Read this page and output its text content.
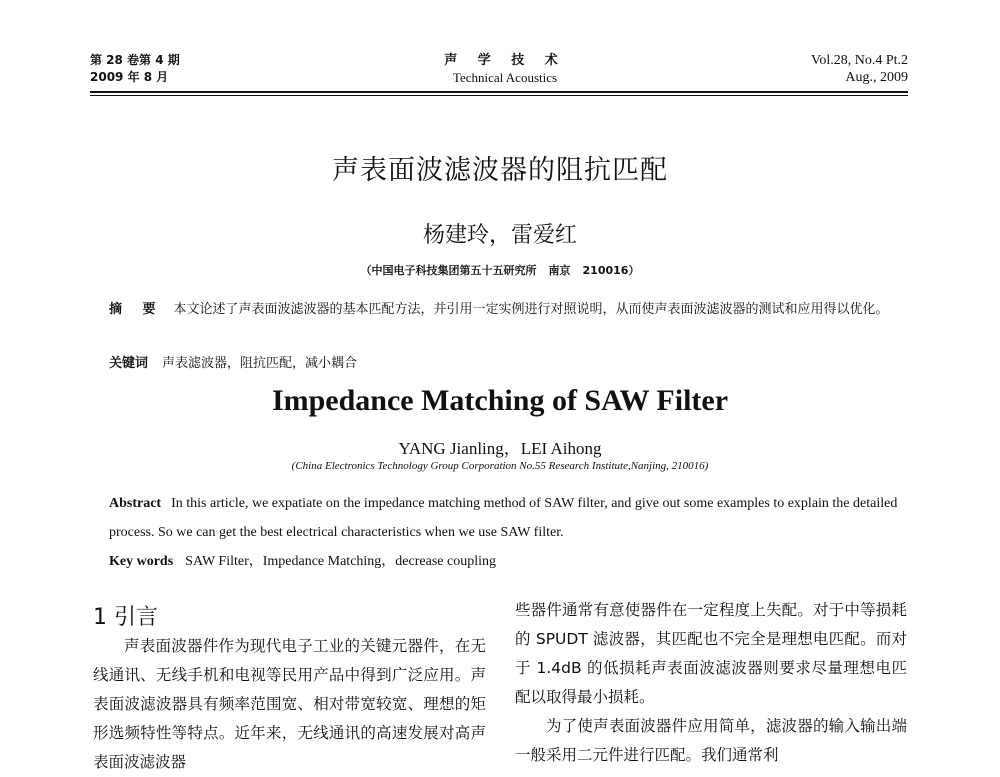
第 28 卷第 4 期
2009 年 8 月
声 学 技 术
Technical Acoustics
Vol.28, No.4 Pt.2
Aug., 2009
声表面波滤波器的阻抗匹配
杨建玲，雷爱红
（中国电子科技集团第五十五研究所 南京 210016）
摘 要 本文论述了声表面波滤波器的基本匹配方法，并引用一定实例进行对照说明，从而使声表面波滤波器的测试和应用得以优化。
关键词 声表滤波器，阻抗匹配，减小耦合
Impedance Matching of SAW Filter
YANG Jianling，LEI Aihong
(China Electronics Technology Group Corporation No.55 Research Institute,Nanjing, 210016)
Abstract In this article, we expatiate on the impedance matching method of SAW filter, and give out some examples to explain the detailed process. So we can get the best electrical characteristics when we use SAW filter.
Key words SAW Filter，Impedance Matching，decrease coupling
1 引言
声表面波器件作为现代电子工业的关键元器件，在无线通讯、无线手机和电视等民用产品中得到广泛应用。声表面波滤波器具有频率范围宽、相对带宽较宽、理想的矩形选频特性等特点。近年来，无线通讯的高速发展对高声表面波滤波器
些器件通常有意使器件在一定程度上失配。对于中等损耗的 SPUDT 滤波器，其匹配也不完全是理想电匹配。而对于 1.4dB 的低损耗声表面波滤波器则要求尽量理想电匹配以取得最小损耗。
为了使声表面波器件应用简单，滤波器的输入输出端一般采用二元件进行匹配。我们通常利
